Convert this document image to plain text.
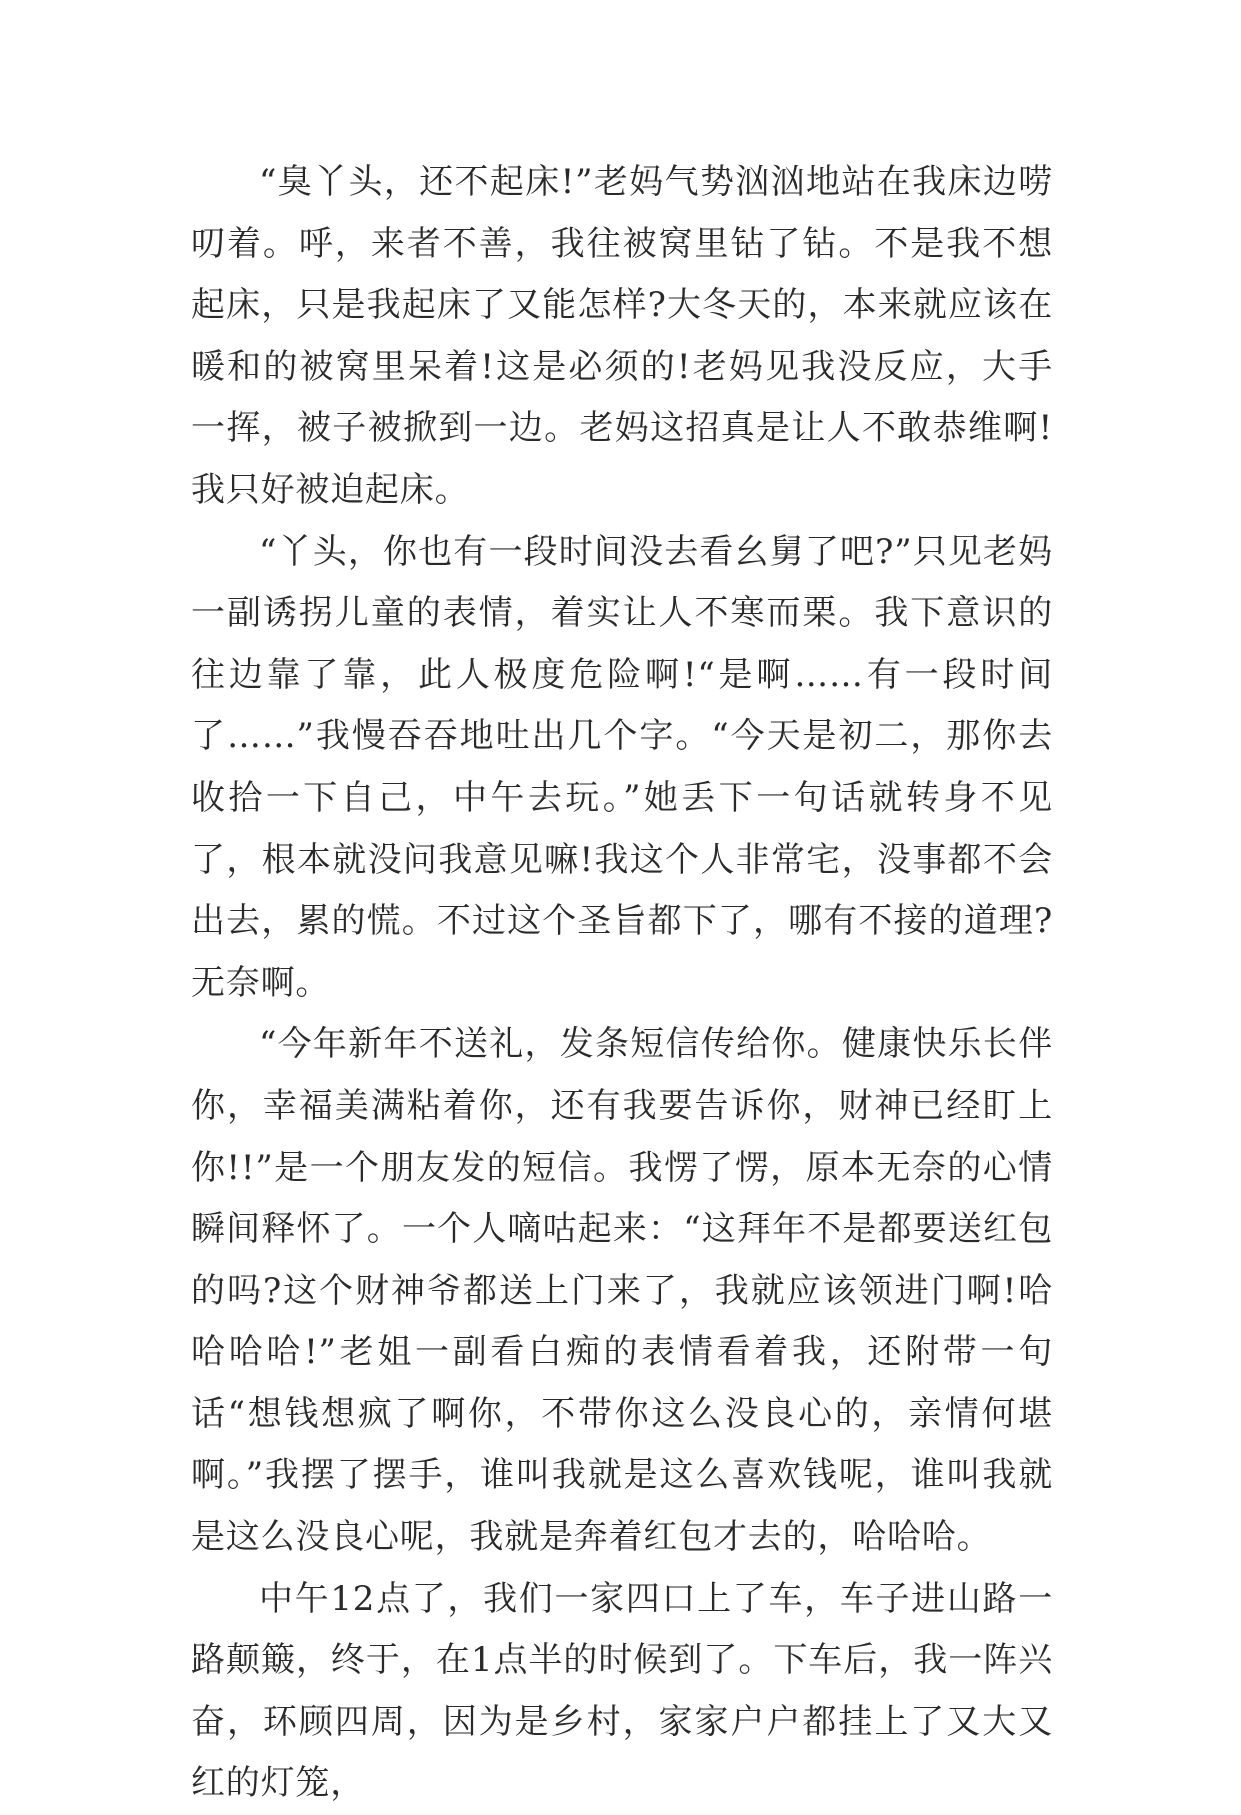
“臭丫头，还不起床!”老妈气势汹汹地站在我床边唠叨着。呼，来者不善，我往被窝里钻了钻。不是我不想起床，只是我起床了又能怎样?大冬天的，本来就应该在暖和的被窝里呆着!这是必须的!老妈见我没反应，大手一挥，被子被掀到一边。老妈这招真是让人不敢恭维啊!我只好被迫起床。

“丫头，你也有一段时间没去看幺舅了吧?”只见老妈一副诱拐儿童的表情，着实让人不寒而栗。我下意识的往边靠了靠，此人极度危险啊!“是啊……有一段时间了……”我慢吞吞地吐出几个字。“今天是初二，那你去收拾一下自己，中午去玩。”她丢下一句话就转身不见了，根本就没问我意见嘛!我这个人非常宅，没事都不会出去，累的慌。不过这个圣旨都下了，哪有不接的道理?无奈啊。

“今年新年不送礼，发条短信传给你。健康快乐长伴你，幸福美满粘着你，还有我要告诉你，财神已经盯上你!!”是一个朋友发的短信。我愣了愣，原本无奈的心情瞬间释怀了。一个人嘀咕起来：“这拜年不是都要送红包的吗?这个财神爷都送上门来了，我就应该领进门啊!哈哈哈哈!”老姐一副看白痴的表情看着我，还附带一句话“想钱想疯了啊你，不带你这么没良心的，亲情何堪啊。”我摆了摆手，谁叫我就是这么喜欢钱呢，谁叫我就是这么没良心呢，我就是奔着红包才去的，哈哈哈。

中午12点了，我们一家四口上了车，车子进山路一路颠簸，终于，在1点半的时候到了。下车后，我一阵兴奋，环顾四周，因为是乡村，家家户户都挂上了又大又红的灯笼，
